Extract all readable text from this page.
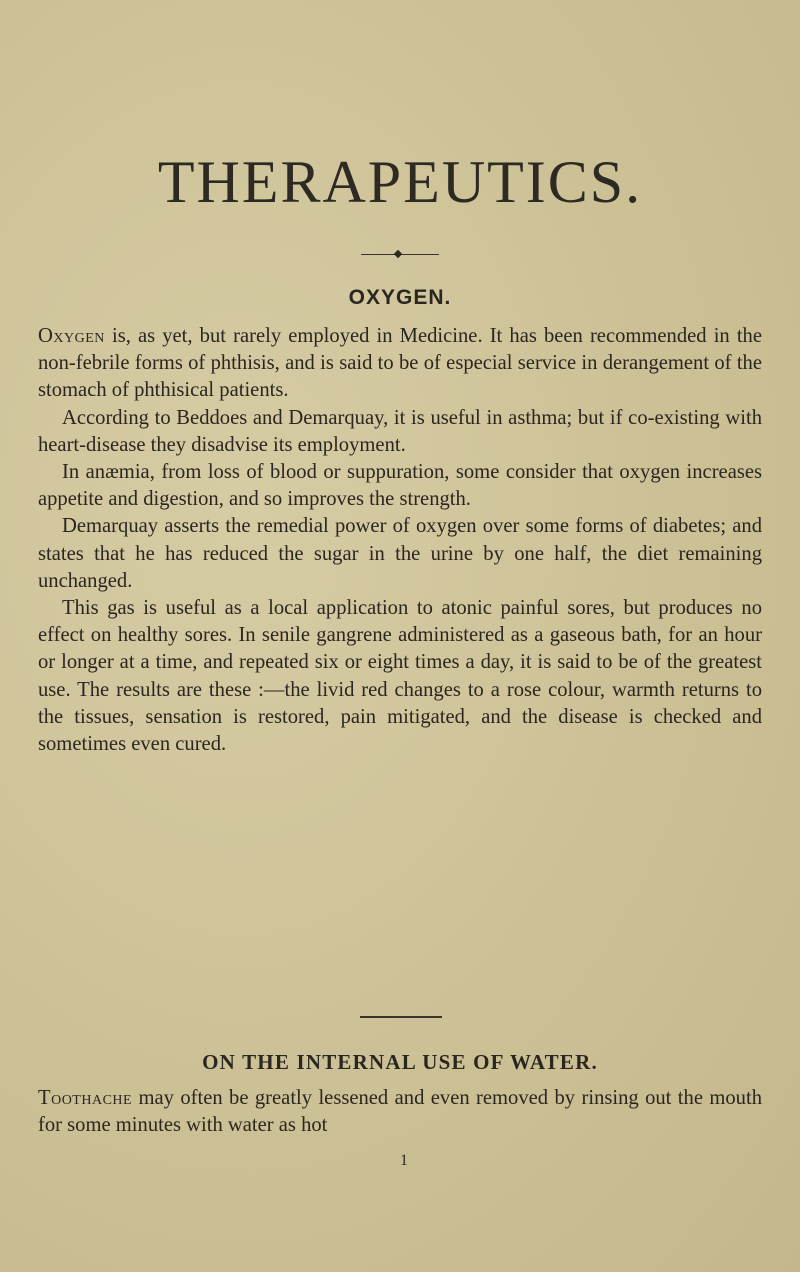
THERAPEUTICS.
OXYGEN.

Oxygen is, as yet, but rarely employed in Medicine. It has been recommended in the non-febrile forms of phthisis, and is said to be of especial service in derangement of the stomach of phthisical patients.

According to Beddoes and Demarquay, it is useful in asthma; but if co-existing with heart-disease they disadvise its employment.

In anæmia, from loss of blood or suppuration, some consider that oxygen increases appetite and digestion, and so improves the strength.

Demarquay asserts the remedial power of oxygen over some forms of diabetes; and states that he has reduced the sugar in the urine by one half, the diet remaining unchanged.

This gas is useful as a local application to atonic painful sores, but produces no effect on healthy sores. In senile gangrene administered as a gaseous bath, for an hour or longer at a time, and repeated six or eight times a day, it is said to be of the greatest use. The results are these :—the livid red changes to a rose colour, warmth returns to the tissues, sensation is restored, pain mitigated, and the disease is checked and sometimes even cured.

ON THE INTERNAL USE OF WATER.

Toothache may often be greatly lessened and even removed by rinsing out the mouth for some minutes with water as hot

1
